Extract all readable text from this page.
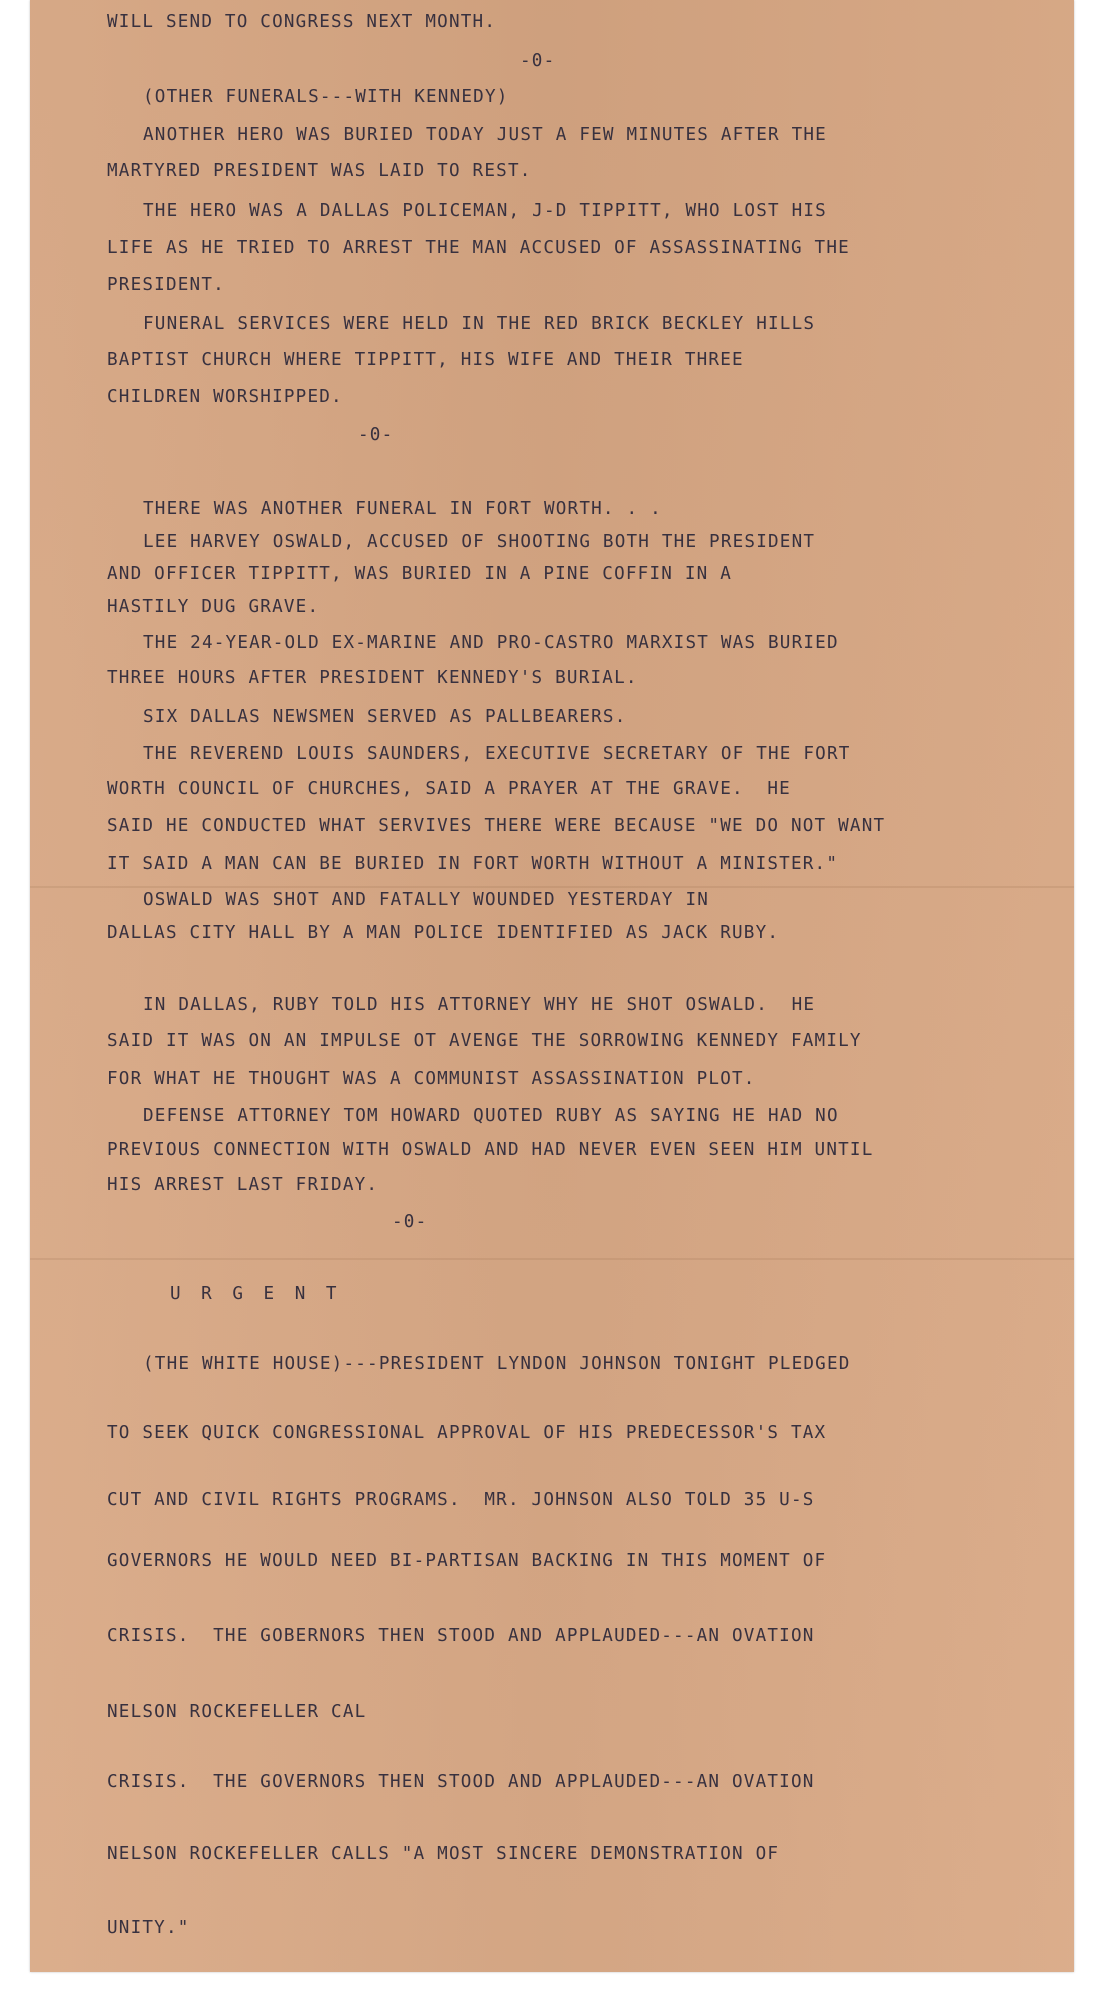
WILL SEND TO CONGRESS NEXT MONTH.
-0-
(OTHER FUNERALS---WITH KENNEDY)
ANOTHER HERO WAS BURIED TODAY JUST A FEW MINUTES AFTER THE
MARTYRED PRESIDENT WAS LAID TO REST.
THE HERO WAS A DALLAS POLICEMAN, J-D TIPPITT, WHO LOST HIS
LIFE AS HE TRIED TO ARREST THE MAN ACCUSED OF ASSASSINATING THE
PRESIDENT.
FUNERAL SERVICES WERE HELD IN THE RED BRICK BECKLEY HILLS
BAPTIST CHURCH WHERE TIPPITT, HIS WIFE AND THEIR THREE
CHILDREN WORSHIPPED.
-0-
THERE WAS ANOTHER FUNERAL IN FORT WORTH. . .
LEE HARVEY OSWALD, ACCUSED OF SHOOTING BOTH THE PRESIDENT
AND OFFICER TIPPITT, WAS BURIED IN A PINE COFFIN IN A
HASTILY DUG GRAVE.
THE 24-YEAR-OLD EX-MARINE AND PRO-CASTRO MARXIST WAS BURIED
THREE HOURS AFTER PRESIDENT KENNEDY'S BURIAL.
SIX DALLAS NEWSMEN SERVED AS PALLBEARERS.
THE REVEREND LOUIS SAUNDERS, EXECUTIVE SECRETARY OF THE FORT
WORTH COUNCIL OF CHURCHES, SAID A PRAYER AT THE GRAVE.  HE
SAID HE CONDUCTED WHAT SERVIVES THERE WERE BECAUSE "WE DO NOT WANT
IT SAID A MAN CAN BE BURIED IN FORT WORTH WITHOUT A MINISTER."
OSWALD WAS SHOT AND FATALLY WOUNDED YESTERDAY IN
DALLAS CITY HALL BY A MAN POLICE IDENTIFIED AS JACK RUBY.
IN DALLAS, RUBY TOLD HIS ATTORNEY WHY HE SHOT OSWALD.  HE
SAID IT WAS ON AN IMPULSE OT AVENGE THE SORROWING KENNEDY FAMILY
FOR WHAT HE THOUGHT WAS A COMMUNIST ASSASSINATION PLOT.
DEFENSE ATTORNEY TOM HOWARD QUOTED RUBY AS SAYING HE HAD NO
PREVIOUS CONNECTION WITH OSWALD AND HAD NEVER EVEN SEEN HIM UNTIL
HIS ARREST LAST FRIDAY.
-0-
U R G E N T
(THE WHITE HOUSE)---PRESIDENT LYNDON JOHNSON TONIGHT PLEDGED
TO SEEK QUICK CONGRESSIONAL APPROVAL OF HIS PREDECESSOR'S TAX
CUT AND CIVIL RIGHTS PROGRAMS.  MR. JOHNSON ALSO TOLD 35 U-S
GOVERNORS HE WOULD NEED BI-PARTISAN BACKING IN THIS MOMENT OF
CRISIS.  THE GOBERNORS THEN STOOD AND APPLAUDED---AN OVATION
NELSON ROCKEFELLER CAL
CRISIS.  THE GOVERNORS THEN STOOD AND APPLAUDED---AN OVATION
NELSON ROCKEFELLER CALLS "A MOST SINCERE DEMONSTRATION OF
UNITY."
